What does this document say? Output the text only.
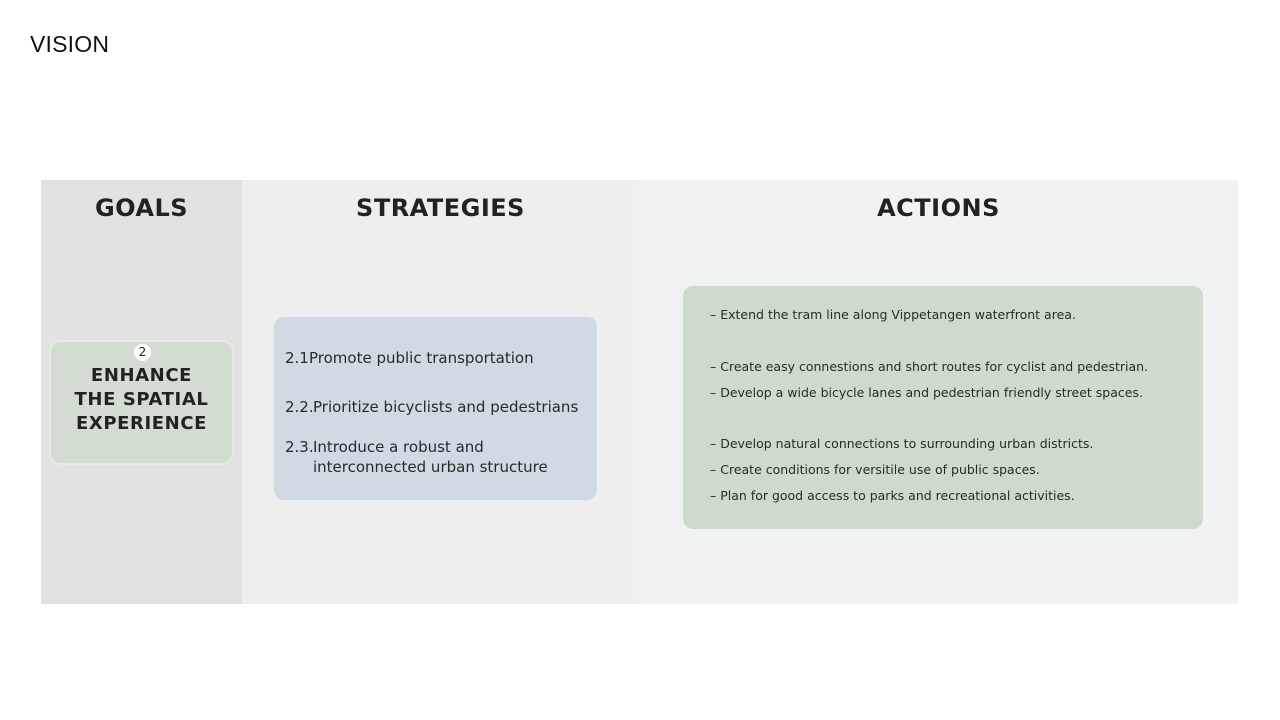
VISION
GOALS
2
ENHANCE
THE SPATIAL
EXPERIENCE
STRATEGIES
2.1.
Promote public transportation
2.2. Prioritize bicyclists and pedestrians
2.3. Introduce a robust and interconnected urban structure
ACTIONS
– Extend the tram line along Vippetangen waterfront area.
– Create easy connestions and short routes for cyclist and pedestrian.
– Develop a wide bicycle lanes and pedestrian friendly street spaces.
– Develop natural connections to surrounding urban districts.
– Create conditions for versitile use of public spaces.
– Plan for good access to parks and recreational activities.
